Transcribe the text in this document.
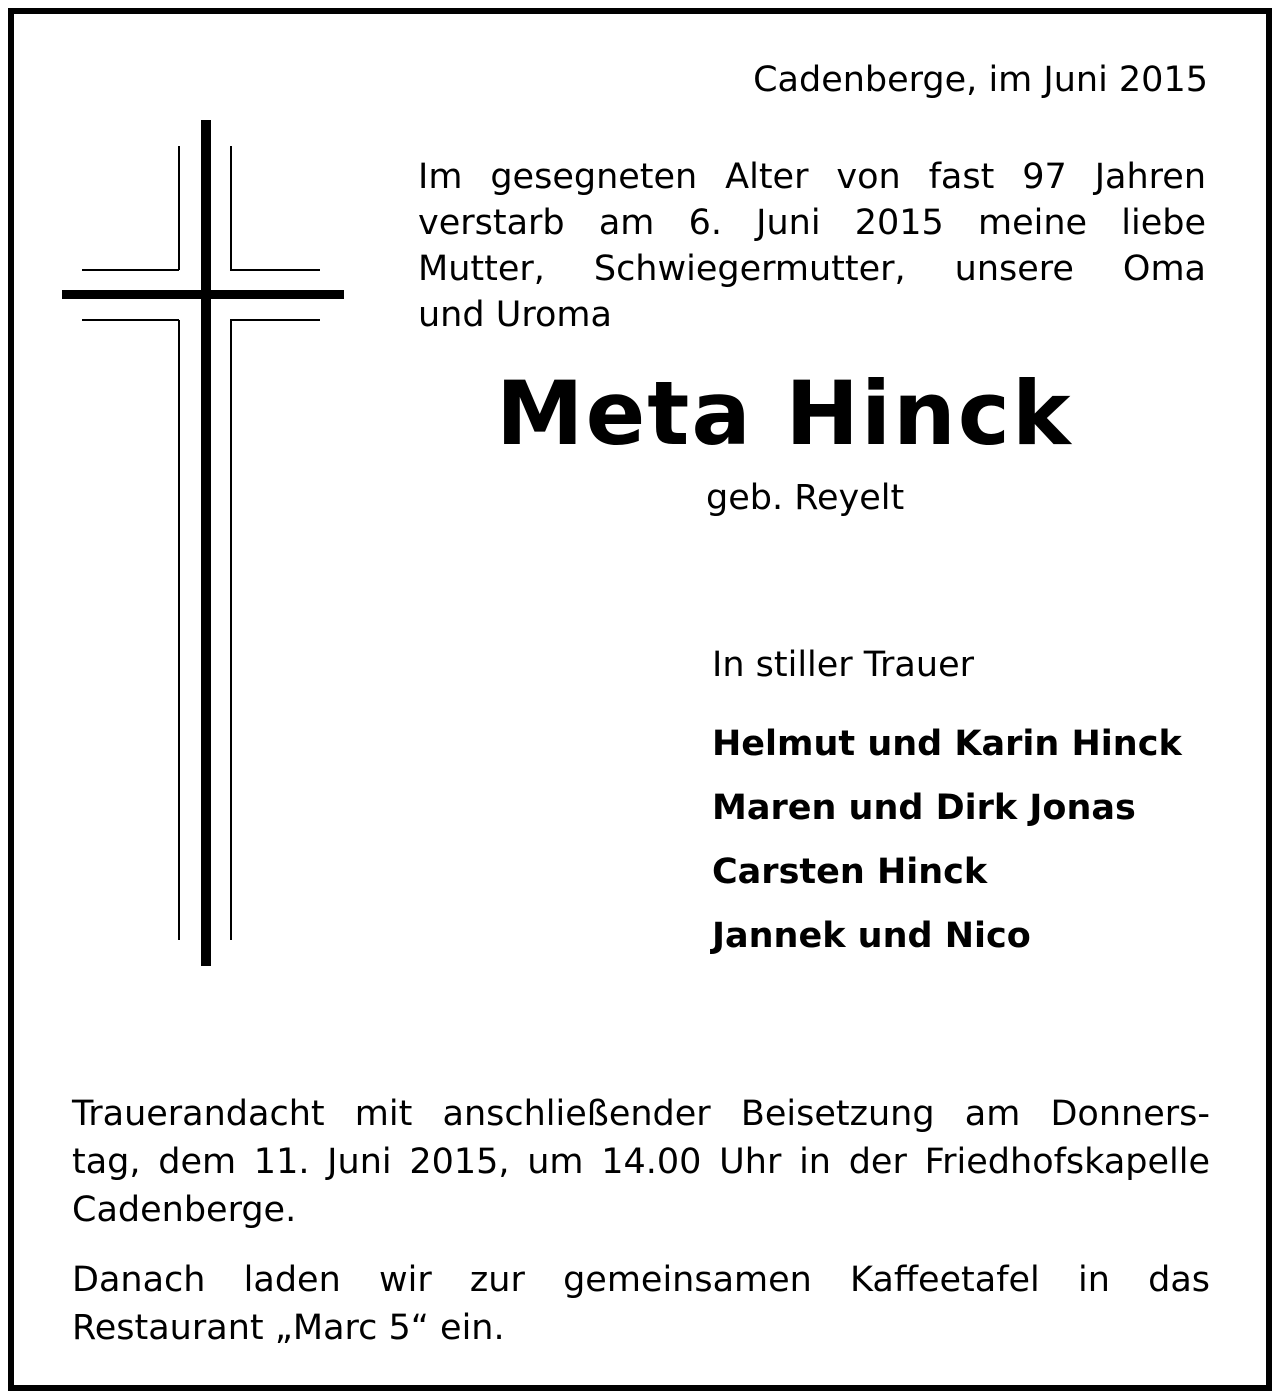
Cadenberge, im Juni 2015
Im gesegneten Alter von fast 97 Jahren
verstarb am 6. Juni 2015 meine liebe
Mutter, Schwiegermutter, unsere Oma
und Uroma
Meta Hinck
geb. Reyelt
In stiller Trauer
Helmut und Karin Hinck
Maren und Dirk Jonas
Carsten Hinck
Jannek und Nico
Trauerandacht mit anschließender Beisetzung am Donners-
tag, dem 11. Juni 2015, um 14.00 Uhr in der Friedhofskapelle
Cadenberge.
Danach laden wir zur gemeinsamen Kaffeetafel in das
Restaurant „Marc 5“ ein.
